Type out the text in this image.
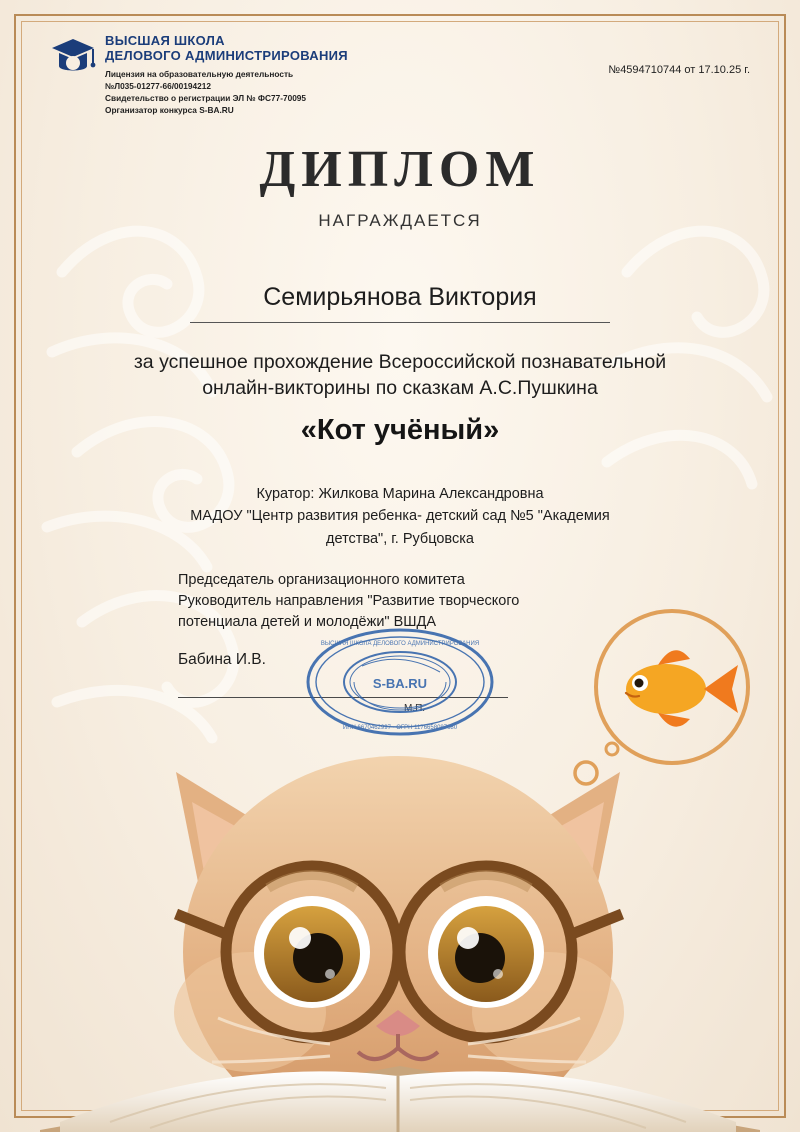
ВЫСШАЯ ШКОЛА
ДЕЛОВОГО АДМИНИСТРИРОВАНИЯ
Лицензия на образовательную деятельность
№Л035-01277-66/00194212
Свидетельство о регистрации ЭЛ № ФС77-70095
Организатор конкурса S-BA.RU
№4594710744 от 17.10.25 г.
ДИПЛОМ
НАГРАЖДАЕТСЯ
Семирьянова Виктория
за успешное прохождение Всероссийской познавательной
онлайн-викторины по сказкам А.С.Пушкина
«Кот учёный»
Куратор: Жилкова Марина Александровна
МАДОУ "Центр развития ребенка- детский сад №5 "Академия
детства", г. Рубцовска
Председатель организационного комитета
Руководитель направления "Развитие творческого
потенциала детей и молодёжи" ВШДА
Бабина И.В.
М.П.
S-BA.RU
ВЫСШАЯ ШКОЛА ДЕЛОВОГО АДМИНИСТРИРОВАНИЯ
ИНН 6670462997 · ОГРН 1176658087680
